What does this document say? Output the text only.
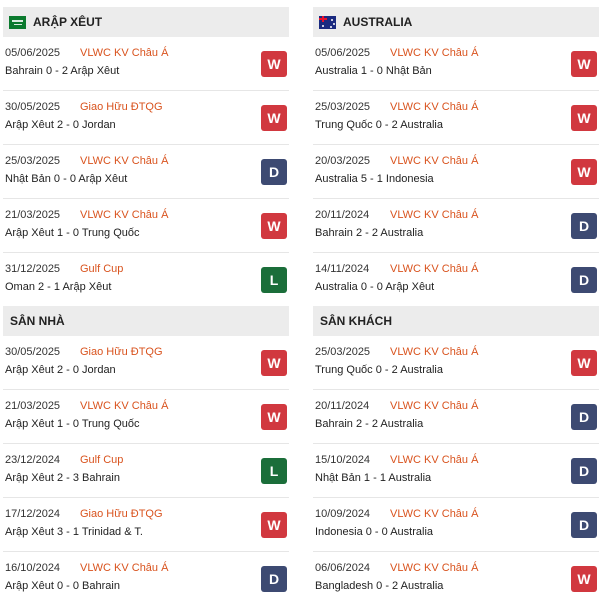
ARẬP XÊUT
05/06/2025 VLWC KV Châu Á
Bahrain 0 - 2 Arập Xêut	W
30/05/2025 Giao Hữu ĐTQG
Arập Xêut 2 - 0 Jordan	W
25/03/2025 VLWC KV Châu Á
Nhật Bản 0 - 0 Arập Xêut	D
21/03/2025 VLWC KV Châu Á
Arập Xêut 1 - 0 Trung Quốc	W
31/12/2025 Gulf Cup
Oman 2 - 1 Arập Xêut	L
AUSTRALIA
05/06/2025 VLWC KV Châu Á
Australia 1 - 0 Nhật Bản	W
25/03/2025 VLWC KV Châu Á
Trung Quốc 0 - 2 Australia	W
20/03/2025 VLWC KV Châu Á
Australia 5 - 1 Indonesia	W
20/11/2024 VLWC KV Châu Á
Bahrain 2 - 2 Australia	D
14/11/2024 VLWC KV Châu Á
Australia 0 - 0 Arập Xêut	D
SÂN NHÀ
30/05/2025 Giao Hữu ĐTQG
Arập Xêut 2 - 0 Jordan	W
21/03/2025 VLWC KV Châu Á
Arập Xêut 1 - 0 Trung Quốc	W
23/12/2024 Gulf Cup
Arập Xêut 2 - 3 Bahrain	L
17/12/2024 Giao Hữu ĐTQG
Arập Xêut 3 - 1 Trinidad & T.	W
16/10/2024 VLWC KV Châu Á
Arập Xêut 0 - 0 Bahrain	D
SÂN KHÁCH
25/03/2025 VLWC KV Châu Á
Trung Quốc 0 - 2 Australia	W
20/11/2024 VLWC KV Châu Á
Bahrain 2 - 2 Australia	D
15/10/2024 VLWC KV Châu Á
Nhật Bản 1 - 1 Australia	D
10/09/2024 VLWC KV Châu Á
Indonesia 0 - 0 Australia	D
06/06/2024 VLWC KV Châu Á
Bangladesh 0 - 2 Australia	W
